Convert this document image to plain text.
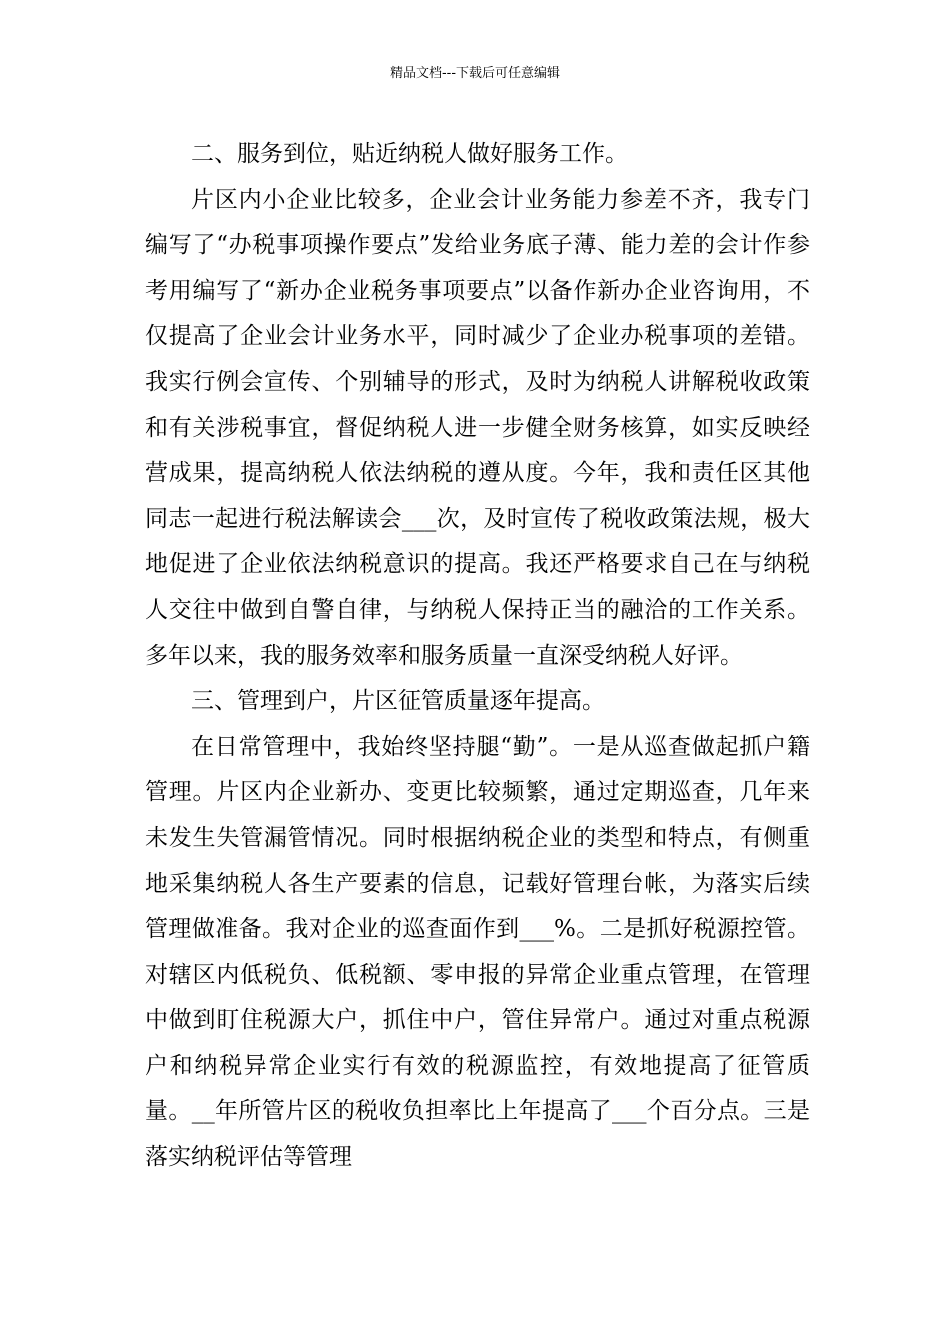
精品文档---下载后可任意编辑

二、服务到位，贴近纳税人做好服务工作。

片区内小企业比较多，企业会计业务能力参差不齐，我专门编写了“办税事项操作要点”发给业务底子薄、能力差的会计作参考用编写了“新办企业税务事项要点”以备作新办企业咨询用，不仅提高了企业会计业务水平，同时减少了企业办税事项的差错。我实行例会宣传、个别辅导的形式，及时为纳税人讲解税收政策和有关涉税事宜，督促纳税人进一步健全财务核算，如实反映经营成果，提高纳税人依法纳税的遵从度。今年，我和责任区其他同志一起进行税法解读会___次，及时宣传了税收政策法规，极大地促进了企业依法纳税意识的提高。我还严格要求自己在与纳税人交往中做到自警自律，与纳税人保持正当的融洽的工作关系。多年以来，我的服务效率和服务质量一直深受纳税人好评。

三、管理到户，片区征管质量逐年提高。

在日常管理中，我始终坚持腿“勤”。一是从巡查做起抓户籍管理。片区内企业新办、变更比较频繁，通过定期巡查，几年来未发生失管漏管情况。同时根据纳税企业的类型和特点，有侧重地采集纳税人各生产要素的信息，记载好管理台帐，为落实后续管理做准备。我对企业的巡查面作到___%。二是抓好税源控管。对辖区内低税负、低税额、零申报的异常企业重点管理，在管理中做到盯住税源大户，抓住中户，管住异常户。通过对重点税源户和纳税异常企业实行有效的税源监控，有效地提高了征管质量。__年所管片区的税收负担率比上年提高了___个百分点。三是落实纳税评估等管理
